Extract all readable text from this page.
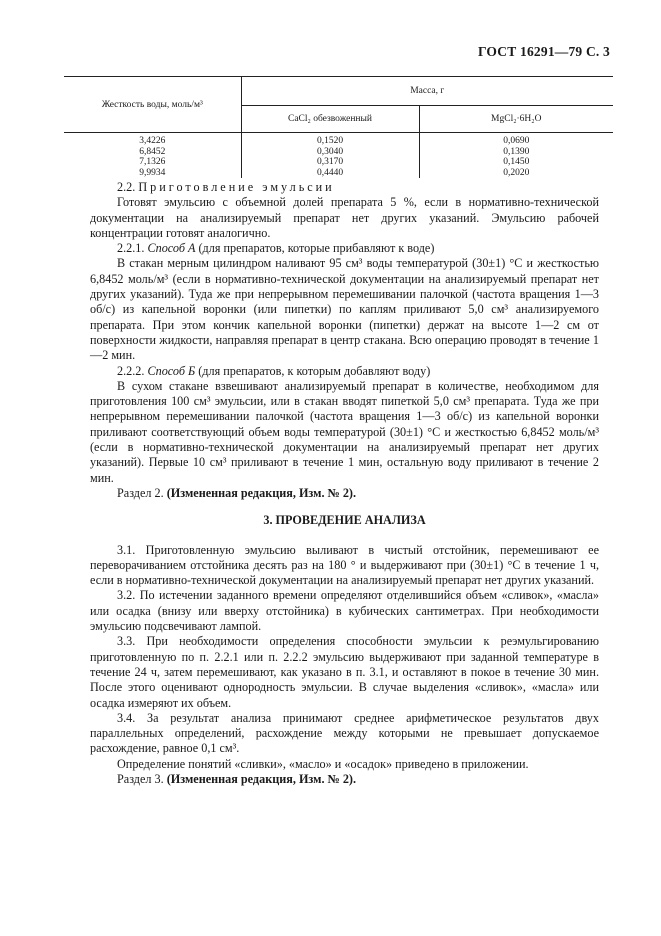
ГОСТ 16291—79 С. 3
Жесткость воды, моль/м³	Масса, г	
	CaCl₂ обезвоженный	MgCl₂·6H₂O
3,4226	0,1520	0,0690
6,8452	0,3040	0,1390
7,1326	0,3170	0,1450
9,9934	0,4440	0,2020

2.2. Приготовление эмульсии

Готовят эмульсию с объемной долей препарата 5 %, если в нормативно-технической документации на анализируемый препарат нет других указаний. Эмульсию рабочей концентрации готовят аналогично.

2.2.1. Способ А (для препаратов, которые прибавляют к воде)

В стакан мерным цилиндром наливают 95 см³ воды температурой (30±1) °С и жесткостью 6,8452 моль/м³ (если в нормативно-технической документации на анализируемый препарат нет других указаний). Туда же при непрерывном перемешивании палочкой (частота вращения 1—3 об/с) из капельной воронки (или пипетки) по каплям приливают 5,0 см³ анализируемого препарата. При этом кончик капельной воронки (пипетки) держат на высоте 1—2 см от поверхности жидкости, направляя препарат в центр стакана. Всю операцию проводят в течение 1—2 мин.

2.2.2. Способ Б (для препаратов, к которым добавляют воду)

В сухом стакане взвешивают анализируемый препарат в количестве, необходимом для приготовления 100 см³ эмульсии, или в стакан вводят пипеткой 5,0 см³ препарата. Туда же при непрерывном перемешивании палочкой (частота вращения 1—3 об/с) из капельной воронки приливают соответствующий объем воды температурой (30±1) °С и жесткостью 6,8452 моль/м³ (если в нормативно-технической документации на анализируемый препарат нет других указаний). Первые 10 см³ приливают в течение 1 мин, остальную воду приливают в течение 2 мин.

Раздел 2. (Измененная редакция, Изм. № 2).

3. ПРОВЕДЕНИЕ АНАЛИЗА

3.1. Приготовленную эмульсию выливают в чистый отстойник, перемешивают ее переворачиванием отстойника десять раз на 180 ° и выдерживают при (30±1) °С в течение 1 ч, если в нормативно-технической документации на анализируемый препарат нет других указаний.

3.2. По истечении заданного времени определяют отделившийся объем «сливок», «масла» или осадка (внизу или вверху отстойника) в кубических сантиметрах. При необходимости эмульсию подсвечивают лампой.

3.3. При необходимости определения способности эмульсии к реэмульгированию приготовленную по п. 2.2.1 или п. 2.2.2 эмульсию выдерживают при заданной температуре в течение 24 ч, затем перемешивают, как указано в п. 3.1, и оставляют в покое в течение 30 мин. После этого оценивают однородность эмульсии. В случае выделения «сливок», «масла» или осадка измеряют их объем.

3.4. За результат анализа принимают среднее арифметическое результатов двух параллельных определений, расхождение между которыми не превышает допускаемое расхождение, равное 0,1 см³.

Определение понятий «сливки», «масло» и «осадок» приведено в приложении.

Раздел 3. (Измененная редакция, Изм. № 2).
